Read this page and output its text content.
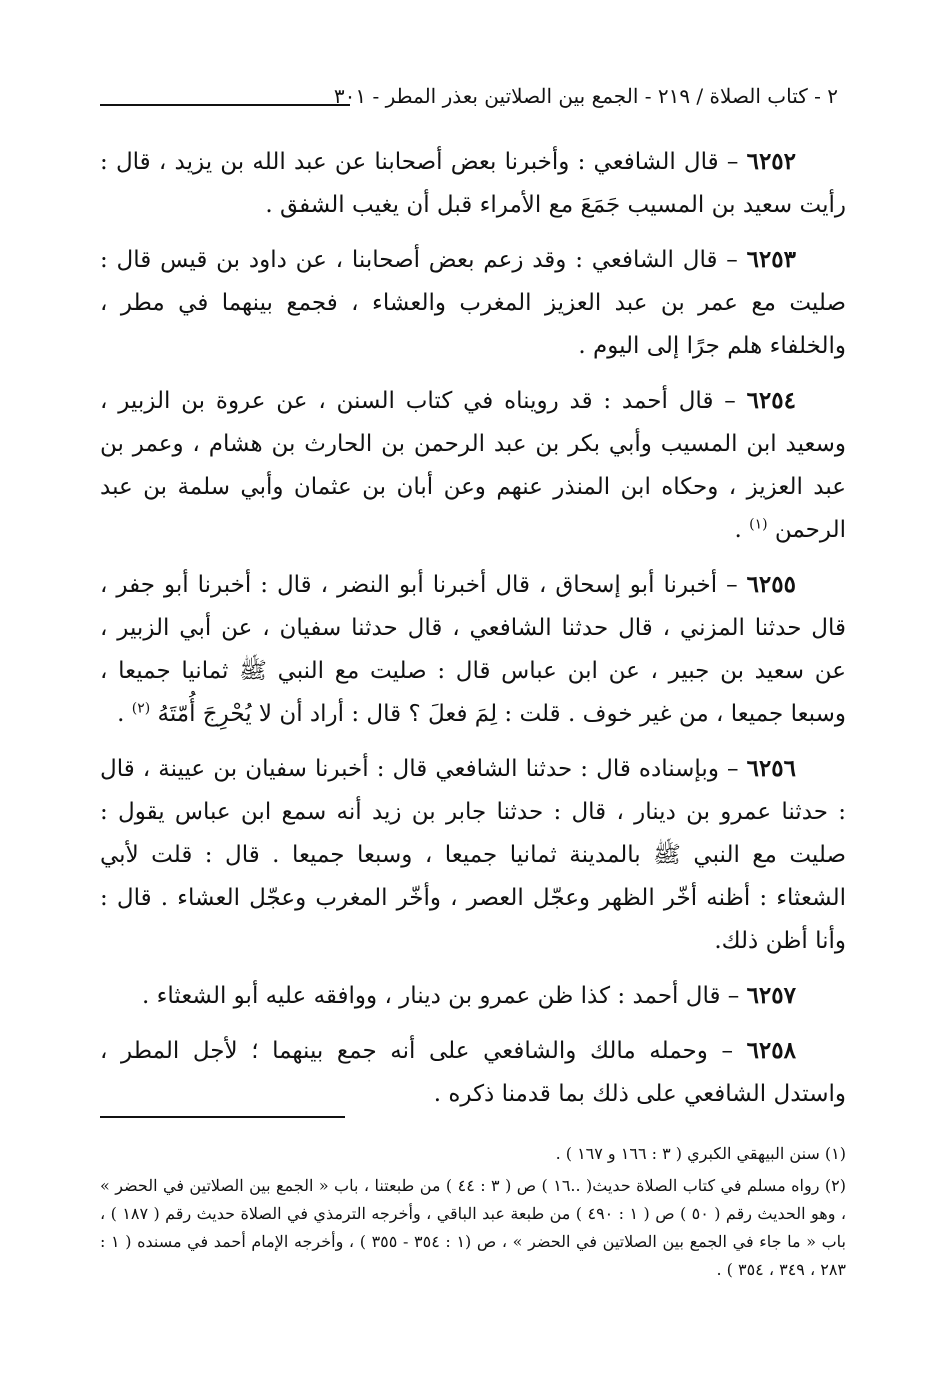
٢ - كتاب الصلاة / ٢١٩ - الجمع بين الصلاتين بعذر المطر - ٣٠١

٦٢٥٢ – قال الشافعي : وأخبرنا بعض أصحابنا عن عبد الله بن يزيد ، قال : رأيت سعيد بن المسيب جَمَعَ مع الأمراء قبل أن يغيب الشفق .

٦٢٥٣ – قال الشافعي : وقد زعم بعض أصحابنا ، عن داود بن قيس قال : صليت مع عمر بن عبد العزيز المغرب والعشاء ، فجمع بينهما في مطر ، والخلفاء هلم جرًا إلى اليوم .

٦٢٥٤ – قال أحمد : قد رويناه في كتاب السنن ، عن عروة بن الزبير ، وسعيد ابن المسيب وأبي بكر بن عبد الرحمن بن الحارث بن هشام ، وعمر بن عبد العزيز ، وحكاه ابن المنذر عنهم وعن أبان بن عثمان وأبي سلمة بن عبد الرحمن $^{(١)}$ .

٦٢٥٥ – أخبرنا أبو إسحاق ، قال أخبرنا أبو النضر ، قال : أخبرنا أبو جفر ، قال حدثنا المزني ، قال حدثنا الشافعي ، قال حدثنا سفيان ، عن أبي الزبير ، عن سعيد بن جبير ، عن ابن عباس قال : صليت مع النبي ﷺ ثمانيا جميعا ، وسبعا جميعا ، من غير خوف . قلت : لِمَ فعلَ ؟ قال : أراد أن لا يُحْرِجَ أُمّتَهُ $^{(٢)}$ .

٦٢٥٦ – وبإسناده قال : حدثنا الشافعي قال : أخبرنا سفيان بن عيينة ، قال : حدثنا عمرو بن دينار ، قال : حدثنا جابر بن زيد أنه سمع ابن عباس يقول : صليت مع النبي ﷺ بالمدينة ثمانيا جميعا ، وسبعا جميعا . قال : قلت لأبي الشعثاء : أظنه أخّر الظهر وعجّل العصر ، وأخّر المغرب وعجّل العشاء . قال : وأنا أظن ذلك.

٦٢٥٧ – قال أحمد : كذا ظن عمرو بن دينار ، ووافقه عليه أبو الشعثاء .

٦٢٥٨ – وحمله مالك والشافعي على أنه جمع بينهما ؛ لأجل المطر ، واستدل الشافعي على ذلك بما قدمنا ذكره .

(١) سنن البيهقي الكبري ( ٣ : ١٦٦ و ١٦٧ ) .

(٢) رواه مسلم في كتاب الصلاة حديث( ..١٦ ) ص ( ٣ : ٤٤ ) من طبعتنا ، باب « الجمع بين الصلاتين في الحضر » ، وهو الحديث رقم ( ٥٠ ) ص ( ١ : ٤٩٠ ) من طبعة عبد الباقي ، وأخرجه الترمذي في الصلاة حديث رقم ( ١٨٧ ) ، باب « ما جاء في الجمع بين الصلاتين في الحضر » ، ص (١ : ٣٥٤ - ٣٥٥ ) ، وأخرجه الإمام أحمد في مسنده ( ١ : ٢٨٣ ، ٣٤٩ ، ٣٥٤ ) .
